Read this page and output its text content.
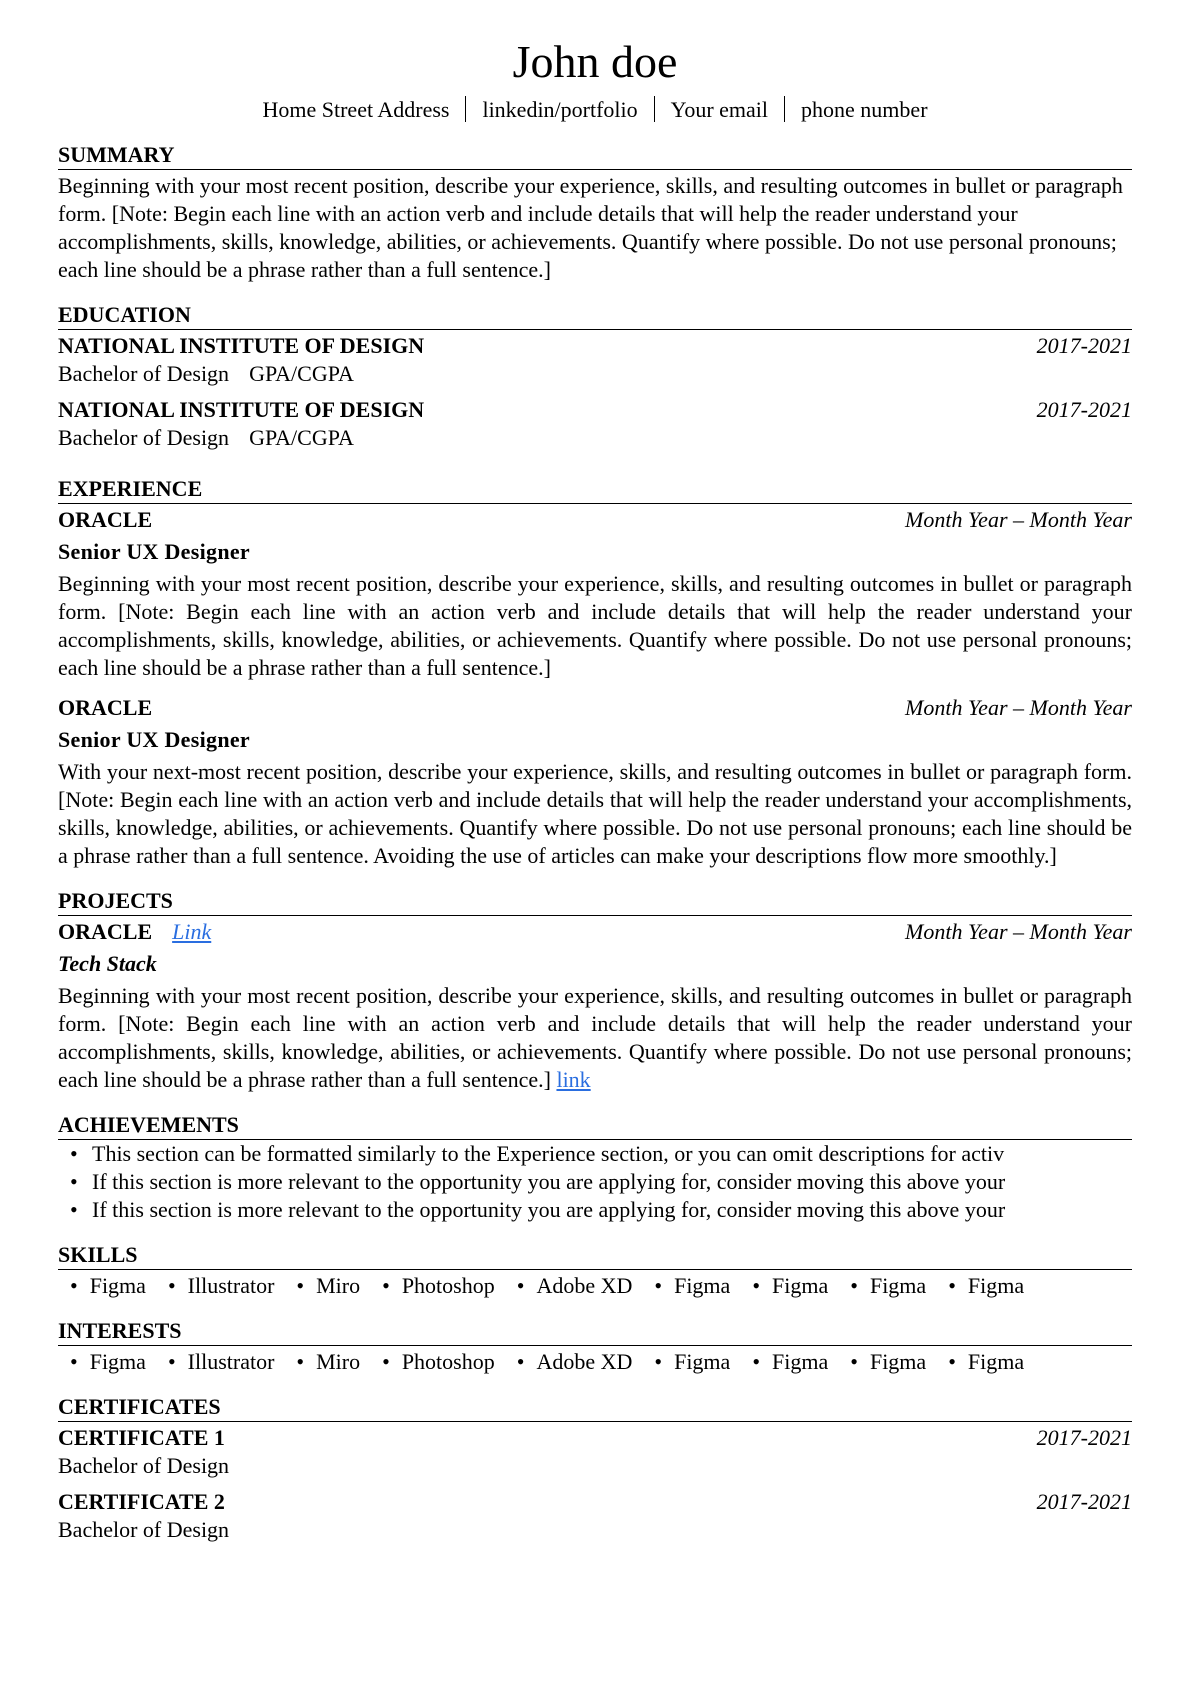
John doe
Home Street Address linkedin/portfolio Your email phone number
SUMMARY
Beginning with your most recent position, describe your experience, skills, and resulting outcomes in bullet or paragraph form. [Note: Begin each line with an action verb and include details that will help the reader understand your accomplishments, skills, knowledge, abilities, or achievements. Quantify where possible. Do not use personal pronouns; each line should be a phrase rather than a full sentence.]
EDUCATION
NATIONAL INSTITUTE OF DESIGN	2017-2021
Bachelor of Design GPA/CGPA
NATIONAL INSTITUTE OF DESIGN	2017-2021
Bachelor of Design GPA/CGPA
EXPERIENCE
ORACLE	Month Year – Month Year
Senior UX Designer
Beginning with your most recent position, describe your experience, skills, and resulting outcomes in bullet or paragraph form. [Note: Begin each line with an action verb and include details that will help the reader understand your accomplishments, skills, knowledge, abilities, or achievements. Quantify where possible. Do not use personal pronouns; each line should be a phrase rather than a full sentence.]
ORACLE	Month Year – Month Year
Senior UX Designer
With your next-most recent position, describe your experience, skills, and resulting outcomes in bullet or paragraph form. [Note: Begin each line with an action verb and include details that will help the reader understand your accomplishments, skills, knowledge, abilities, or achievements. Quantify where possible. Do not use personal pronouns; each line should be a phrase rather than a full sentence. Avoiding the use of articles can make your descriptions flow more smoothly.]
PROJECTS
ORACLE Link	Month Year – Month Year
Tech Stack
Beginning with your most recent position, describe your experience, skills, and resulting outcomes in bullet or paragraph form. [Note: Begin each line with an action verb and include details that will help the reader understand your accomplishments, skills, knowledge, abilities, or achievements. Quantify where possible. Do not use personal pronouns; each line should be a phrase rather than a full sentence.] link
ACHIEVEMENTS
• This section can be formatted similarly to the Experience section, or you can omit descriptions for activ
• If this section is more relevant to the opportunity you are applying for, consider moving this above your
• If this section is more relevant to the opportunity you are applying for, consider moving this above your
SKILLS
• Figma • Illustrator • Miro • Photoshop • Adobe XD • Figma • Figma • Figma • Figma
INTERESTS
• Figma • Illustrator • Miro • Photoshop • Adobe XD • Figma • Figma • Figma • Figma
CERTIFICATES
CERTIFICATE 1	2017-2021
Bachelor of Design
CERTIFICATE 2	2017-2021
Bachelor of Design
